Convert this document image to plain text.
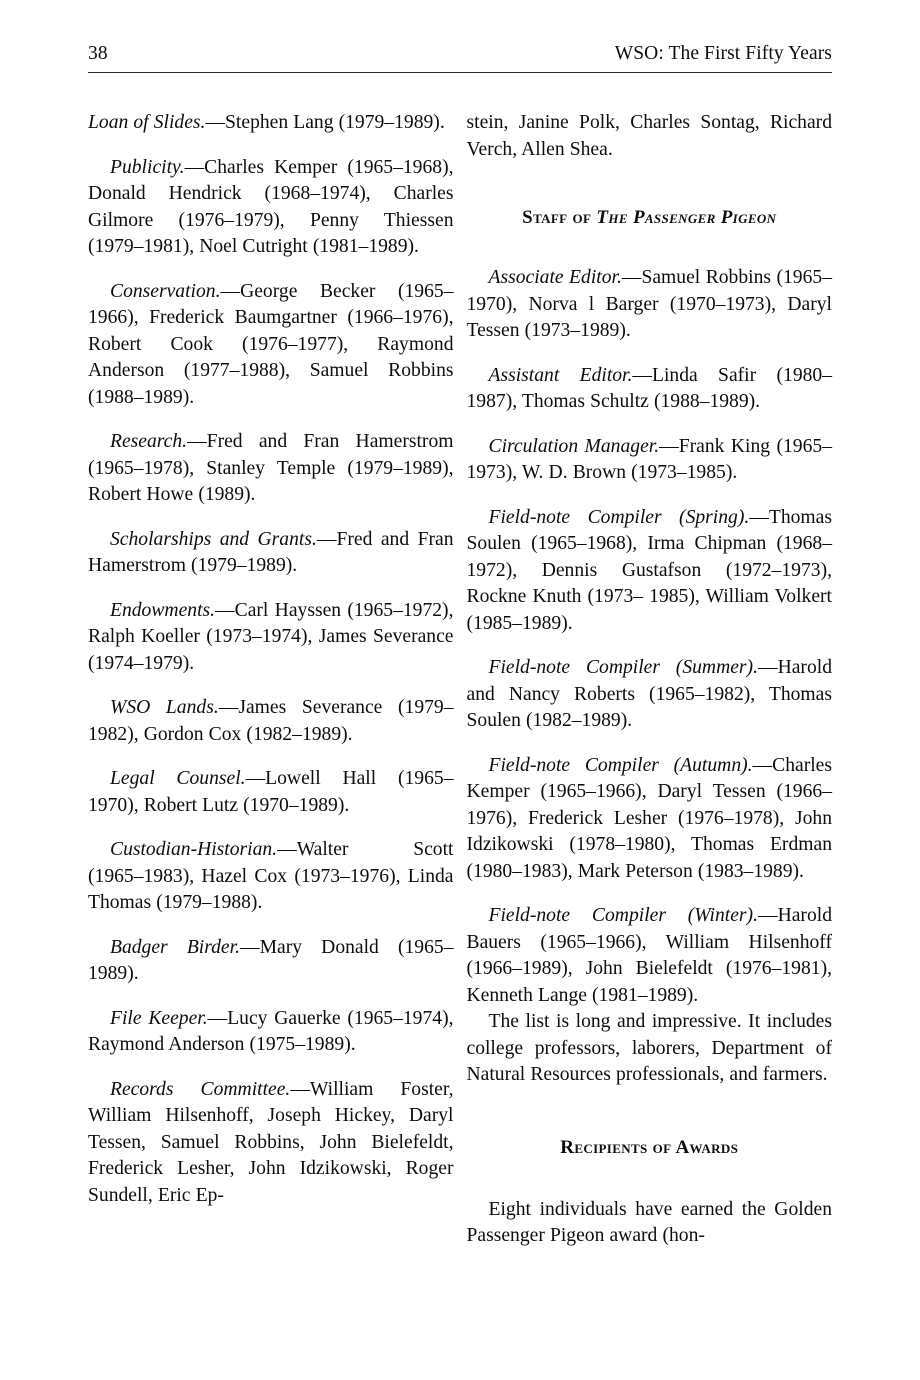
38	WSO: The First Fifty Years

Loan of Slides.—Stephen Lang (1979–1989).

Publicity.—Charles Kemper (1965–1968), Donald Hendrick (1968–1974), Charles Gilmore (1976–1979), Penny Thiessen (1979–1981), Noel Cutright (1981–1989).

Conservation.—George Becker (1965–1966), Frederick Baumgartner (1966–1976), Robert Cook (1976–1977), Raymond Anderson (1977–1988), Samuel Robbins (1988–1989).

Research.—Fred and Fran Hamerstrom (1965–1978), Stanley Temple (1979–1989), Robert Howe (1989).

Scholarships and Grants.—Fred and Fran Hamerstrom (1979–1989).

Endowments.—Carl Hayssen (1965–1972), Ralph Koeller (1973–1974), James Severance (1974–1979).

WSO Lands.—James Severance (1979–1982), Gordon Cox (1982–1989).

Legal Counsel.—Lowell Hall (1965–1970), Robert Lutz (1970–1989).

Custodian-Historian.—Walter Scott (1965–1983), Hazel Cox (1973–1976), Linda Thomas (1979–1988).

Badger Birder.—Mary Donald (1965–1989).

File Keeper.—Lucy Gauerke (1965–1974), Raymond Anderson (1975–1989).

Records Committee.—William Foster, William Hilsenhoff, Joseph Hickey, Daryl Tessen, Samuel Robbins, John Bielefeldt, Frederick Lesher, John Idzikowski, Roger Sundell, Eric Ep-

stein, Janine Polk, Charles Sontag, Richard Verch, Allen Shea.

Staff of The Passenger Pigeon

Associate Editor.—Samuel Robbins (1965–1970), Norva l Barger (1970–1973), Daryl Tessen (1973–1989).

Assistant Editor.—Linda Safir (1980–1987), Thomas Schultz (1988–1989).

Circulation Manager.—Frank King (1965–1973), W. D. Brown (1973–1985).

Field-note Compiler (Spring).—Thomas Soulen (1965–1968), Irma Chipman (1968–1972), Dennis Gustafson (1972–1973), Rockne Knuth (1973– 1985), William Volkert (1985–1989).

Field-note Compiler (Summer).—Harold and Nancy Roberts (1965–1982), Thomas Soulen (1982–1989).

Field-note Compiler (Autumn).—Charles Kemper (1965–1966), Daryl Tessen (1966–1976), Frederick Lesher (1976–1978), John Idzikowski (1978–1980), Thomas Erdman (1980–1983), Mark Peterson (1983–1989).

Field-note Compiler (Winter).—Harold Bauers (1965–1966), William Hilsenhoff (1966–1989), John Bielefeldt (1976–1981), Kenneth Lange (1981–1989).

The list is long and impressive. It includes college professors, laborers, Department of Natural Resources professionals, and farmers.

Recipients of Awards

Eight individuals have earned the Golden Passenger Pigeon award (hon-
